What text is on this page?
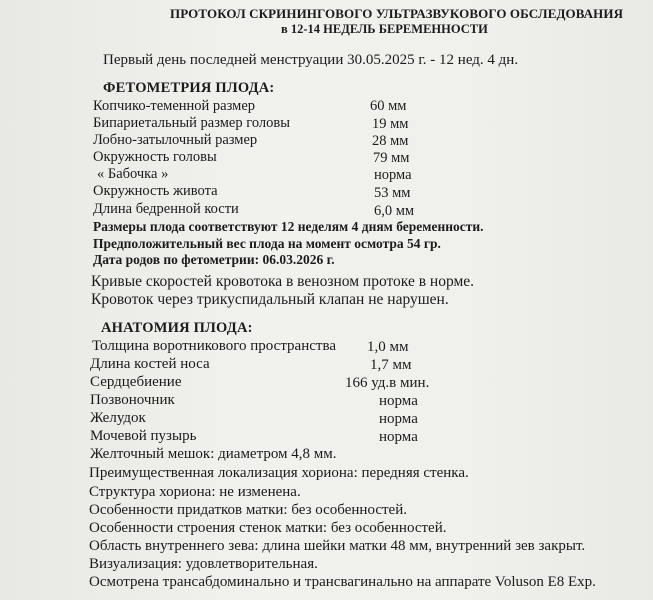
ПРОТОКОЛ СКРИНИНГОВОГО УЛЬТРАЗВУКОВОГО ОБСЛЕДОВАНИЯ
в 12-14 НЕДЕЛЬ БЕРЕМЕННОСТИ
Первый день последней менструации 30.05.2025 г. - 12 нед. 4 дн.
ФЕТОМЕТРИЯ ПЛОДА:
Копчико-теменной размер	60 мм
Бипариетальный размер головы	19 мм
Лобно-затылочный размер	28 мм
Окружность головы	79 мм
« Бабочка »	норма
Окружность живота	53 мм
Длина бедренной кости	6,0 мм
Размеры плода соответствуют 12 неделям 4 дням беременности.
Предположительный вес плода на момент осмотра 54 гр.
Дата родов по фетометрии: 06.03.2026 г.
Кривые скоростей кровотока в венозном протоке в норме.
Кровоток через трикуспидальный клапан не нарушен.
АНАТОМИЯ ПЛОДА:
Толщина воротникового пространства 1,0 мм
Длина костей носа	1,7 мм
Сердцебиение	166 уд.в мин.
Позвоночник	норма
Желудок	норма
Мочевой пузырь	норма
Желточный мешок: диаметром 4,8 мм.
Преимущественная локализация хориона: передняя стенка.
Структура хориона: не изменена.
Особенности придатков матки: без особенностей.
Особенности строения стенок матки: без особенностей.
Область внутреннего зева: длина шейки матки 48 мм, внутренний зев закрыт.
Визуализация: удовлетворительная.
Осмотрена трансабдоминально и трансвагинально на аппарате Voluson E8 Exp.
